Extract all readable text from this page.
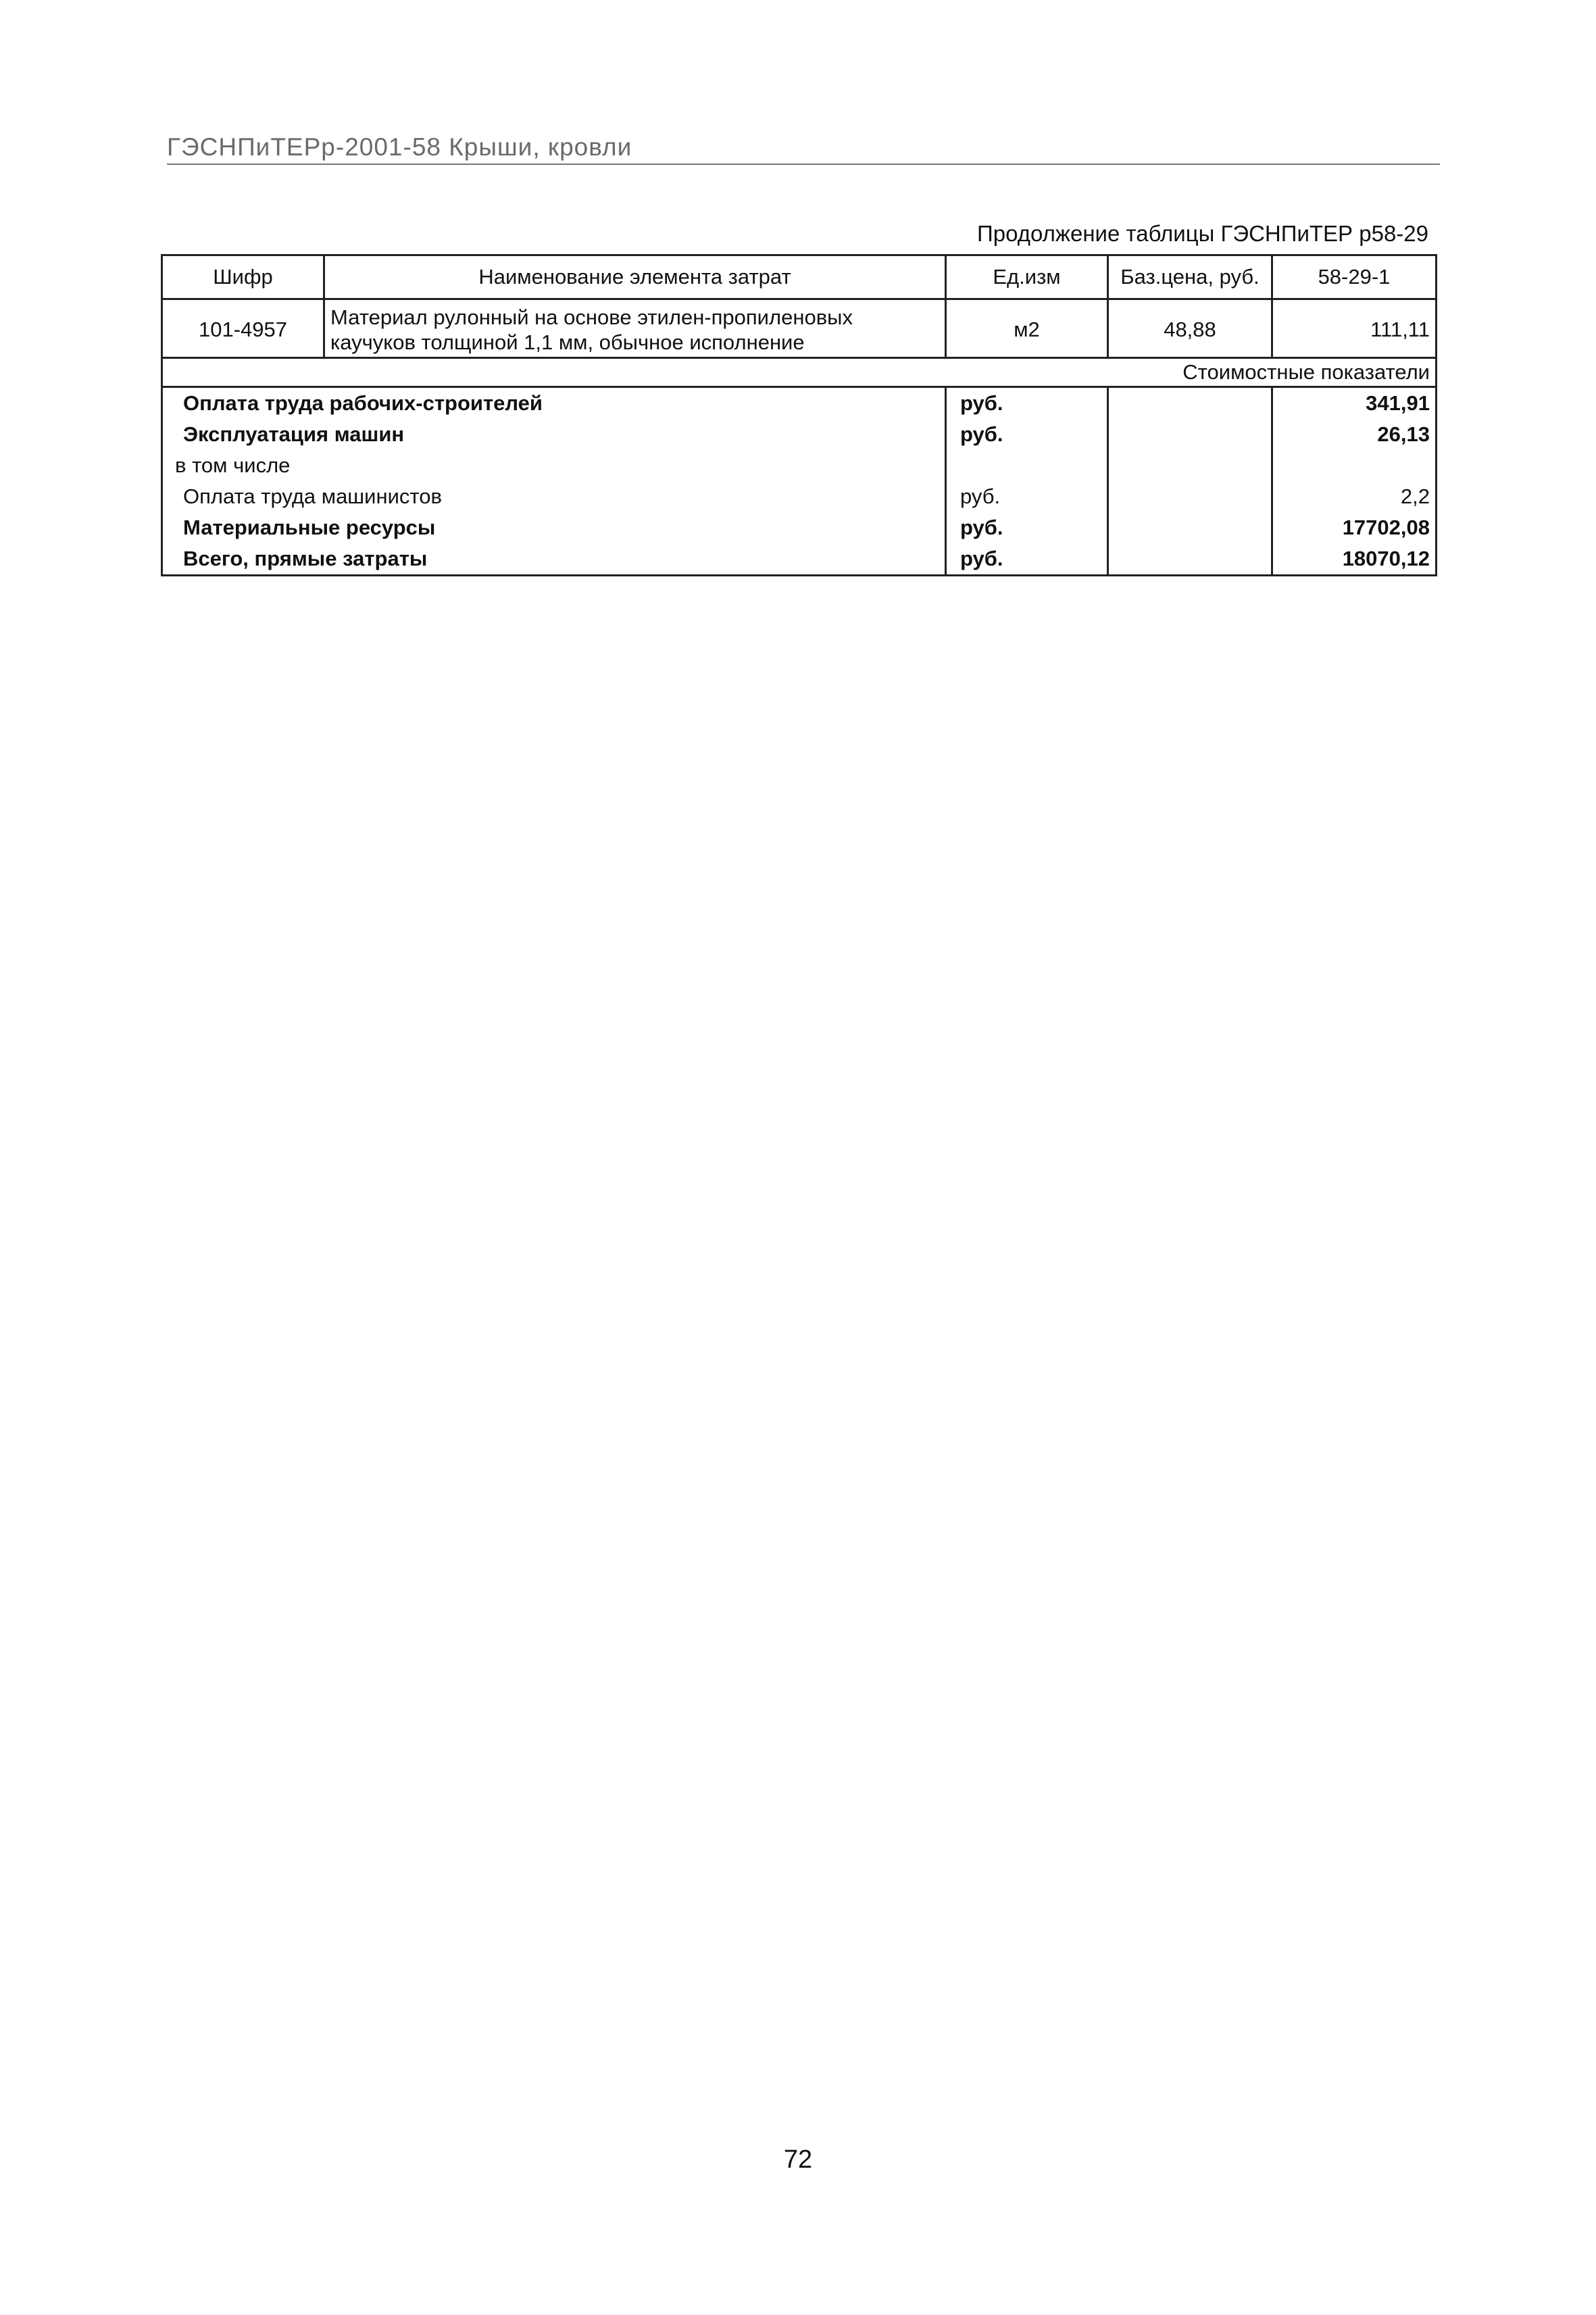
ГЭСНПиТЕРр-2001-58 Крыши, кровли
Продолжение таблицы ГЭСНПиТЕР р58-29
Шифр	Наименование элемента затрат	Ед.изм	Баз.цена, руб.	58-29-1
101-4957	Материал рулонный на основе этилен-пропиленовых каучуков толщиной 1,1 мм, обычное исполнение	м2	48,88	111,11
Стоимостные показатели				
Оплата труда рабочих-строителей		руб.		341,91
Эксплуатация машин		руб.		26,13
в том числе				
Оплата труда машинистов		руб.		2,2
Материальные ресурсы		руб.		17702,08
Всего, прямые затраты		руб.		18070,12
72
